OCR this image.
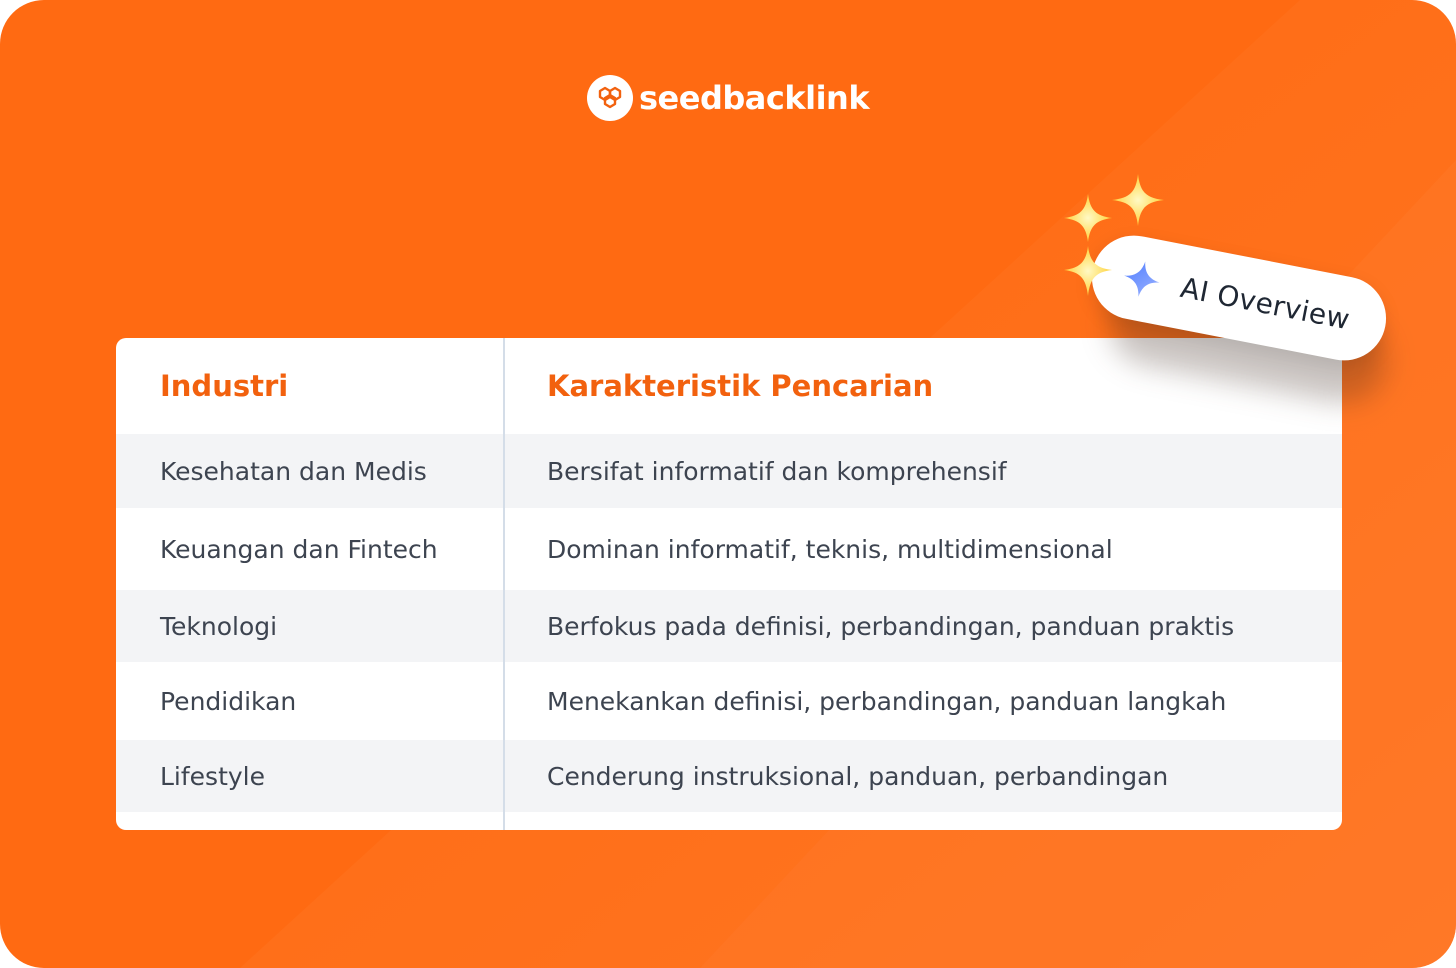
seedbacklink
Industri	Karakteristik Pencarian
Kesehatan dan Medis	Bersifat informatif dan komprehensif
Keuangan dan Fintech	Dominan informatif, teknis, multidimensional
Teknologi	Berfokus pada definisi, perbandingan, panduan praktis
Pendidikan	Menekankan definisi, perbandingan, panduan langkah
Lifestyle	Cenderung instruksional, panduan, perbandingan
AI Overview
